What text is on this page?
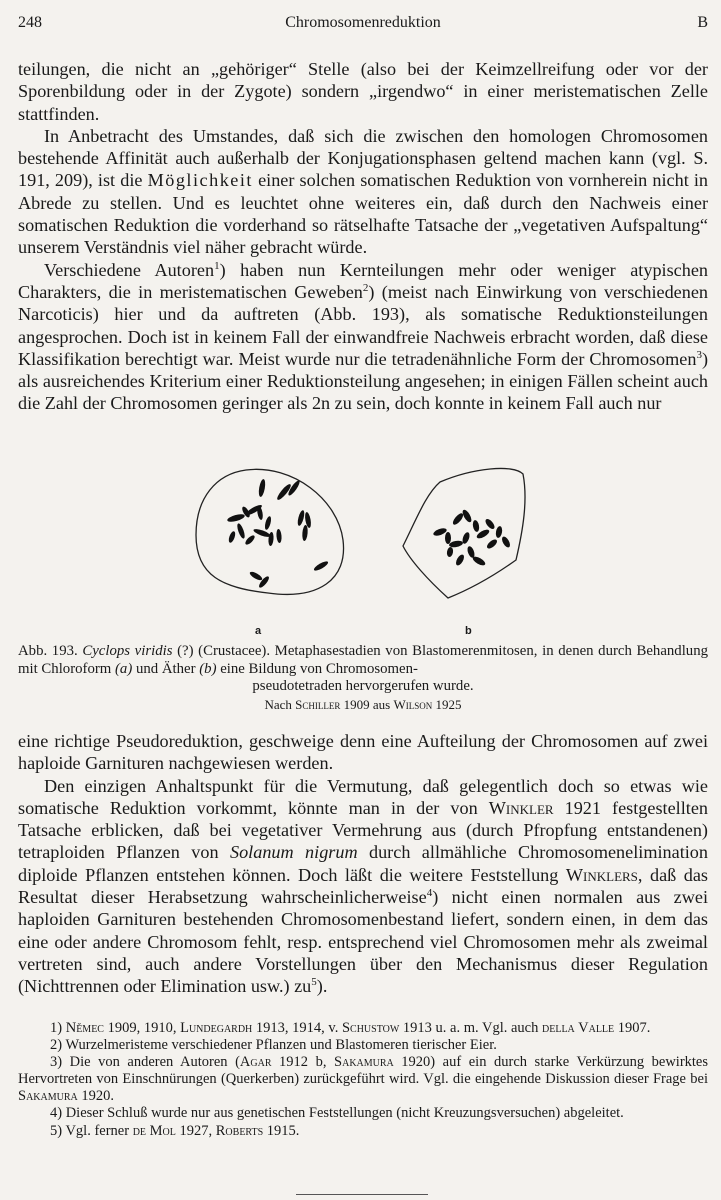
248	Chromosomenreduktion	B

teilungen, die nicht an „gehöriger“ Stelle (also bei der Keimzellreifung oder vor der Sporenbildung oder in der Zygote) sondern „irgendwo“ in einer meristematischen Zelle stattfinden.

In Anbetracht des Umstandes, daß sich die zwischen den homologen Chromosomen bestehende Affinität auch außerhalb der Konjugationsphasen geltend machen kann (vgl. S. 191, 209), ist die Möglichkeit einer solchen somatischen Reduktion von vornherein nicht in Abrede zu stellen. Und es leuchtet ohne weiteres ein, daß durch den Nachweis einer somatischen Reduktion die vorderhand so rätselhafte Tatsache der „vegetativen Aufspaltung“ unserem Verständnis viel näher gebracht würde.

Verschiedene Autoren$^1$) haben nun Kernteilungen mehr oder weniger atypischen Charakters, die in meristematischen Geweben$^2$) (meist nach Einwirkung von verschiedenen Narcoticis) hier und da auftreten (Abb. 193), als somatische Reduktionsteilungen angesprochen. Doch ist in keinem Fall der einwandfreie Nachweis erbracht worden, daß diese Klassifikation berechtigt war. Meist wurde nur die tetradenähnliche Form der Chromosomen$^3$) als ausreichendes Kriterium einer Reduktionsteilung angesehen; in einigen Fällen scheint auch die Zahl der Chromosomen geringer als 2n zu sein, doch konnte in keinem Fall auch nur

a	b

Abb. 193. Cyclops viridis (?) (Crustacee). Metaphasestadien von Blastomerenmitosen, in denen durch Behandlung mit Chloroform (a) und Äther (b) eine Bildung von Chromosomen-

pseudotetraden hervorgerufen wurde.

Nach Schiller 1909 aus Wilson 1925

eine richtige Pseudoreduktion, geschweige denn eine Aufteilung der Chromosomen auf zwei haploide Garnituren nachgewiesen werden.

Den einzigen Anhaltspunkt für die Vermutung, daß gelegentlich doch so etwas wie somatische Reduktion vorkommt, könnte man in der von Winkler 1921 festgestellten Tatsache erblicken, daß bei vegetativer Vermehrung aus (durch Pfropfung entstandenen) tetraploiden Pflanzen von Solanum nigrum durch allmähliche Chromosomenelimination diploide Pflanzen entstehen können. Doch läßt die weitere Feststellung Winklers, daß das Resultat dieser Herabsetzung wahrscheinlicherweise$^4$) nicht einen normalen aus zwei haploiden Garnituren bestehenden Chromosomenbestand liefert, sondern einen, in dem das eine oder andere Chromosom fehlt, resp. entsprechend viel Chromosomen mehr als zweimal vertreten sind, auch andere Vorstellungen über den Mechanismus dieser Regulation (Nichttrennen oder Elimination usw.) $zu^5$).

1) Němec 1909, 1910, Lundegardh 1913, 1914, v. Schustow 1913 u. a. m. Vgl. auch della Valle 1907.

2) Wurzelmeristeme verschiedener Pflanzen und Blastomeren tierischer Eier.

3) Die von anderen Autoren (Agar 1912 b, Sakamura 1920) auf ein durch starke Verkürzung bewirktes Hervortreten von Einschnürungen (Querkerben) zurückgeführt wird. Vgl. die eingehende Diskussion dieser Frage bei Sakamura 1920.

4) Dieser Schluß wurde nur aus genetischen Feststellungen (nicht Kreuzungsversuchen) abgeleitet.

5) Vgl. ferner de Mol 1927, Roberts 1915.
